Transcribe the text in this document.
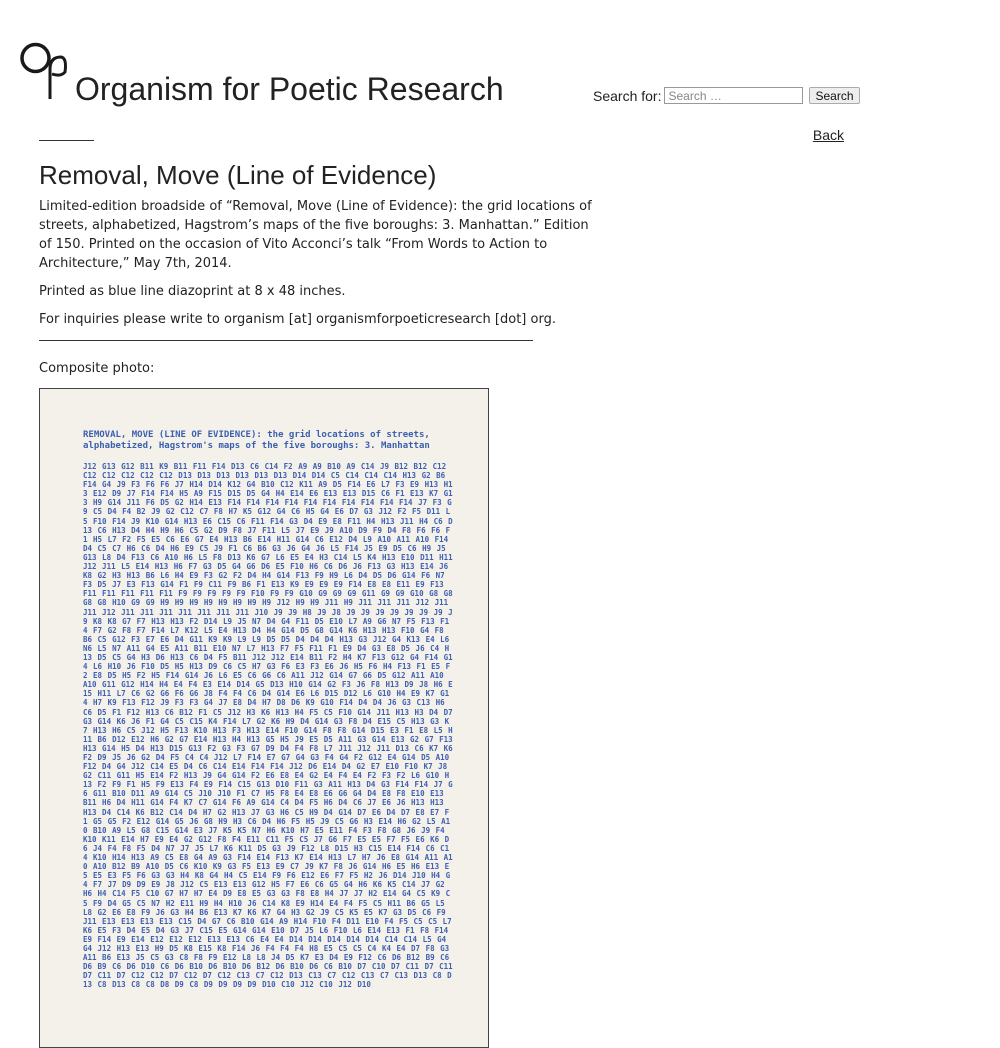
Organism for Poetic Research	Search for:
Search …	Search
Back
Removal, Move (Line of Evidence)

Limited-edition broadside of “Removal, Move (Line of Evidence): the grid locations of streets, alphabetized, Hagstrom’s maps of the five boroughs: 3. Manhattan.” Edition of 150. Printed on the occasion of Vito Acconci’s talk “From Words to Action to Architecture,” May 7th, 2014.

Printed as blue line diazoprint at 8 x 48 inches.

For inquiries please write to organism [at] organismforpoeticresearch [dot] org.

Composite photo:
REMOVAL, MOVE (LINE OF EVIDENCE): the grid locations of streets, alphabetized, Hagstrom's maps of the five boroughs: 3. Manhattan
J12 G13 G12 B11 K9 B11 F11 F14 D13 C6 C14 F2 A9 A9 B10 A9 C14 J9 B12 B12 C12 C12 C12 C12 C12 C12 D13 D13 D13 D13 D13 D13 D14 D14 C5 C14 C14 C14 H13 G2 B6 F14 G4 J9 F3 F6 F6 J7 H14 D14 K12 G4 B10 C12 K11 A9 D5 F14 E6 L7 F3 E9 H13 H13 E12 D9 J7 F14 F14 H5 A9 F15 D15 D5 G4 H4 E14 E6 E13 E13 D15 C6 F1 E13 K7 G13 H9 G14 J11 F6 D5 G2 H14 E13 F14 F14 F14 F14 F14 F14 F14 F14 F14 F14 J7 F3 G9 C5 D4 F4 B2 J9 G2 C12 C7 F8 H7 K5 G12 G4 C6 H5 G4 E6 D7 G3 J12 F2 F5 D11 L5 F10 F14 J9 K10 G14 H13 E6 C15 C6 F11 F14 G3 D4 E9 E8 F11 H4 H13 J11 H4 C6 D13 C6 H13 D4 H4 H9 H6 C5 G2 D9 F8 J7 F11 L5 J7 E9 J9 A10 D9 F9 D4 F8 F6 F6 F1 H5 L7 F2 F5 E5 C6 E6 G7 E4 H13 B6 E14 H11 G14 C6 E12 D4 L9 A10 A11 A10 F14 D4 C5 C7 H6 C6 D4 H6 E9 C5 J9 F1 C6 B6 G3 J6 G4 J6 L5 F14 J5 E9 D5 C6 H9 J5 G13 L8 D4 F13 C6 A10 H6 L5 F8 D13 K6 G7 L6 E5 E4 H3 C14 L5 K4 H13 E10 D11 H11 J12 J11 L5 E14 H13 H6 F7 G3 D5 G4 G6 D6 E5 F10 H6 C6 D6 J6 F13 G3 H13 E14 J6 K8 G2 H3 H13 B6 L6 H4 E9 F3 G2 F2 D4 H4 G14 F13 F9 H9 L6 D4 D5 D6 G14 F6 N7 F3 D5 J7 E3 F13 G14 F1 F9 C11 F9 B6 F1 E13 K9 E9 E9 E9 F14 E8 E8 E11 E9 F13 F11 F11 F11 F11 F11 F9 F9 F9 F9 F9 F10 F9 F9 G10 G9 G9 G9 G11 G9 G9 G10 G8 G8 G8 G8 H10 G9 G9 H9 H9 H9 H9 H9 H9 H9 H9 J12 H9 H9 J11 H9 J11 J11 J11 J12 J11 J11 J12 J11 J11 J11 J11 J11 J11 J11 J10 J9 J9 H8 J9 J8 J9 J9 J9 J9 J9 J9 J9 J9 K8 K8 G7 F7 H13 H13 F2 D14 L9 J5 N7 D4 G4 F11 D5 E10 L7 A9 G6 N7 F5 F13 F14 F7 G2 F8 F7 F14 L7 K12 L5 E4 H13 D4 H4 G14 D5 G8 G14 K6 H13 H13 F10 G4 F8 B6 C5 G12 F3 E7 E6 D4 G11 K9 K9 L9 L9 D5 D5 D4 D4 D4 H13 G3 J12 G4 K13 E4 L6 N6 L5 N7 A11 G4 E5 A11 B11 E10 N7 L7 H13 F7 F5 F11 F1 E9 D4 G3 E8 D5 J6 C4 H13 D5 C5 G4 H3 D6 H13 C6 D4 F5 B11 J12 J12 E14 B11 F2 H4 K7 F13 G12 G4 F14 G14 L6 H10 J6 F10 D5 H5 H13 D9 C6 C5 H7 G3 F6 E3 F3 E6 J6 H5 F6 H4 F13 F1 E5 F2 E8 D5 H5 F2 H5 F14 G14 J6 L6 E5 C6 G6 C6 A11 J12 G14 G7 G6 D5 G12 A11 A10 A10 G11 G12 H14 H4 E4 F4 E3 E14 D14 G5 D13 H10 G14 G2 F3 J6 F8 H13 D9 J8 H6 E15 H11 L7 C6 G2 G6 F6 G6 J8 F4 F4 C6 D4 G14 E6 L6 D15 D12 L6 G10 H4 E9 K7 G14 H7 K9 F13 F12 J9 F3 F3 G4 J7 E8 D4 H7 D8 D6 K9 G10 F14 D4 D4 J6 G3 C13 H6 C6 D5 F1 F12 H13 C6 B12 F1 C5 J12 H3 K6 H13 H4 F5 C5 F10 G14 J11 H13 H3 D4 D7 G3 G14 K6 J6 F1 G4 C5 C15 K4 F14 L7 G2 K6 H9 D4 G14 G3 F8 D4 E15 C5 H13 G3 K7 H13 H6 C5 J12 H5 F13 K10 H13 F3 H13 E14 F10 G14 F8 F8 G14 D15 E3 F1 E8 L5 H11 B6 D12 E12 H6 G2 G7 E14 H13 H4 H13 G5 H5 J9 E5 D5 A11 G3 G14 E13 G2 G7 F13 H13 G14 H5 D4 H13 D15 G13 F2 G3 F3 G7 D9 D4 F4 F8 L7 J11 J12 J11 D13 C6 K7 K6 F2 D9 J5 J6 G2 D4 F5 C4 C4 J12 L7 F14 E7 G7 G4 G3 F4 G4 F2 G12 E4 G14 D5 A10 F12 D4 G4 J12 C14 E5 D4 C6 C14 E14 F14 F14 J12 D6 E14 D4 G2 E7 E10 F10 K7 J8 G2 C11 G11 H5 E14 F2 H13 J9 G4 G14 F2 E6 E8 E4 G2 E4 F4 E4 F2 F3 F2 L6 G10 H13 F2 F9 F1 H5 F9 E13 F4 E9 F14 C15 G13 D10 F11 G3 A11 H13 D4 G3 F14 F14 J7 G6 G11 B10 D11 A9 G14 C5 J10 J10 F1 C7 H5 F8 E4 E8 E6 G6 G4 D4 E8 F8 E10 E13 B11 H6 D4 H11 G14 F4 K7 C7 G14 F6 A9 G14 C4 D4 F5 H6 D4 C6 J7 E6 J6 H13 H13 H13 D4 C14 K6 B12 C14 D4 H7 G2 H13 J7 G3 H6 C5 H9 D4 G14 D7 E6 D4 D7 E8 E7 F1 G5 G5 F2 E12 G14 G5 J6 G8 H9 H3 C6 D4 H6 F5 H5 J9 C5 G6 H3 E14 H6 G2 L5 A10 B10 A9 L5 G8 C15 G14 E3 J7 K5 K5 N7 H6 K10 H7 E5 E11 F4 F3 F8 G8 J6 J9 F4 K10 K11 E14 H7 E9 E4 G2 G12 F8 F4 E11 C11 F5 C5 J7 G6 F7 E5 E5 F7 F5 E6 K6 D6 J4 F4 F8 F5 D4 N7 J7 J5 L7 K6 K11 D5 G3 J9 F12 L8 D15 H3 C15 E14 F14 C6 C14 K10 H14 H13 A9 C5 E8 G4 A9 G3 F14 E14 F13 K7 E14 H13 L7 H7 J6 E8 G14 A11 A10 A10 B12 B9 A10 D5 C6 K10 K9 G3 F5 E13 E9 C7 J9 K7 F8 J6 G14 H6 E5 H6 E13 E5 E5 E3 F5 F6 G3 G3 H4 K8 G4 H4 C5 E14 F9 F6 E12 E6 F7 F5 H2 J6 D14 J10 H4 G4 F7 J7 D9 D9 E9 J8 J12 C5 E13 E13 G12 H5 F7 E6 C6 G5 G4 H6 K6 K5 C14 J7 G2 H6 H4 C14 F5 C10 G7 H7 H7 E4 D9 E8 E5 G3 G3 F8 E8 H4 J7 J7 H2 E14 G4 C5 K9 C5 F9 D4 G5 C5 N7 H2 E11 H9 H4 H10 J6 C14 K8 E9 H14 E4 F4 F5 C5 H11 B6 G5 L5 L8 G2 E6 E8 F9 J6 G3 H4 B6 E13 K7 K6 K7 G4 H3 G2 J9 C5 K5 E5 K7 G3 D5 C6 F9 J11 E13 E13 E13 E13 C15 D4 G7 C6 B10 G14 A9 H14 F10 F4 D11 E10 F4 F5 C5 C5 L7 K6 E5 F3 D4 E5 D4 G3 J7 C15 E5 G14 G14 E10 D7 J5 L6 F10 L6 E14 E13 F1 F8 F14 E9 F14 E9 E14 E12 E12 E12 E13 E13 C6 E4 E4 D14 D14 D14 D14 D14 C14 C14 L5 G4 G4 J12 H13 E13 H9 D5 K8 E15 K8 F14 J6 F4 F4 F4 H8 E5 C5 C5 C4 K4 E4 D7 F8 G3 A11 B6 E13 J5 C5 G3 C8 F8 F9 E12 L8 L8 J4 D5 K7 E3 D4 E9 F12 C6 D6 B12 B9 C6 D6 B9 C6 D6 D10 C6 D6 B10 D6 B10 D6 B12 D6 B10 D6 C6 B10 D7 C10 D7 C11 D7 C11 D7 C11 D7 C12 C12 D7 C12 D7 C12 C13 C7 C12 D13 C13 C7 C12 C13 C7 C13 D13 C8 D13 C8 D13 C8 C8 D8 D9 C8 D9 D9 D9 D9 D10 C10 J12 C10 J12 D10
